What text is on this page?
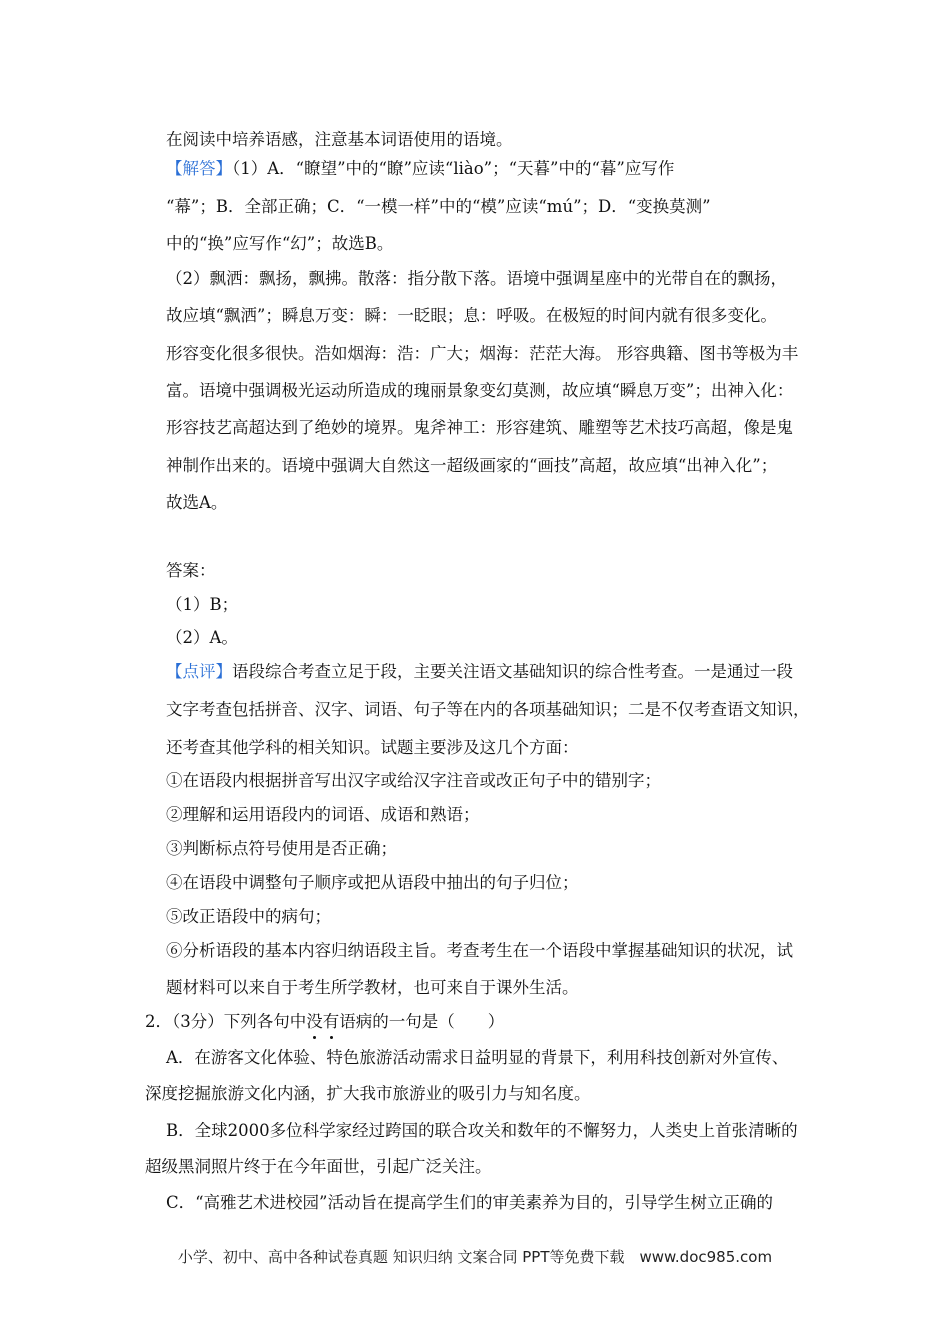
在阅读中培养语感，注意基本词语使用的语境。
【解答】（1）A．“瞭望”中的“瞭”应读“liào”；“天暮”中的“暮”应写作
“幕”；B．全部正确；C．“一模一样”中的“模”应读“mú”；D．“变换莫测”
中的“换”应写作“幻”；故选B。
（2）飘洒：飘扬，飘拂。散落：指分散下落。语境中强调星座中的光带自在的飘扬，
故应填“飘洒”；瞬息万变：瞬：一眨眼；息：呼吸。在极短的时间内就有很多变化。
形容变化很多很快。浩如烟海：浩：广大；烟海：茫茫大海。 形容典籍、图书等极为丰
富。语境中强调极光运动所造成的瑰丽景象变幻莫测，故应填“瞬息万变”；出神入化：
形容技艺高超达到了绝妙的境界。鬼斧神工：形容建筑、雕塑等艺术技巧高超，像是鬼
神制作出来的。语境中强调大自然这一超级画家的“画技”高超，故应填“出神入化”；
故选A。
答案：
（1）B；
（2）A。
【点评】语段综合考查立足于段，主要关注语文基础知识的综合性考查。一是通过一段
文字考查包括拼音、汉字、词语、句子等在内的各项基础知识；二是不仅考查语文知识，
还考查其他学科的相关知识。试题主要涉及这几个方面：
①在语段内根据拼音写出汉字或给汉字注音或改正句子中的错别字；
②理解和运用语段内的词语、成语和熟语；
③判断标点符号使用是否正确；
④在语段中调整句子顺序或把从语段中抽出的句子归位；
⑤改正语段中的病句；
⑥分析语段的基本内容归纳语段主旨。考查考生在一个语段中掌握基础知识的状况，试
题材料可以来自于考生所学教材，也可来自于课外生活。
2．（3分）下列各句中没有语病的一句是（　　）
A．在游客文化体验、特色旅游活动需求日益明显的背景下，利用科技创新对外宣传、
深度挖掘旅游文化内涵，扩大我市旅游业的吸引力与知名度。
B．全球2000多位科学家经过跨国的联合攻关和数年的不懈努力，人类史上首张清晰的
超级黑洞照片终于在今年面世，引起广泛关注。
C．“高雅艺术进校园”活动旨在提高学生们的审美素养为目的，引导学生树立正确的
小学、初中、高中各种试卷真题 知识归纳 文案合同 PPT等免费下载　www.doc985.com
